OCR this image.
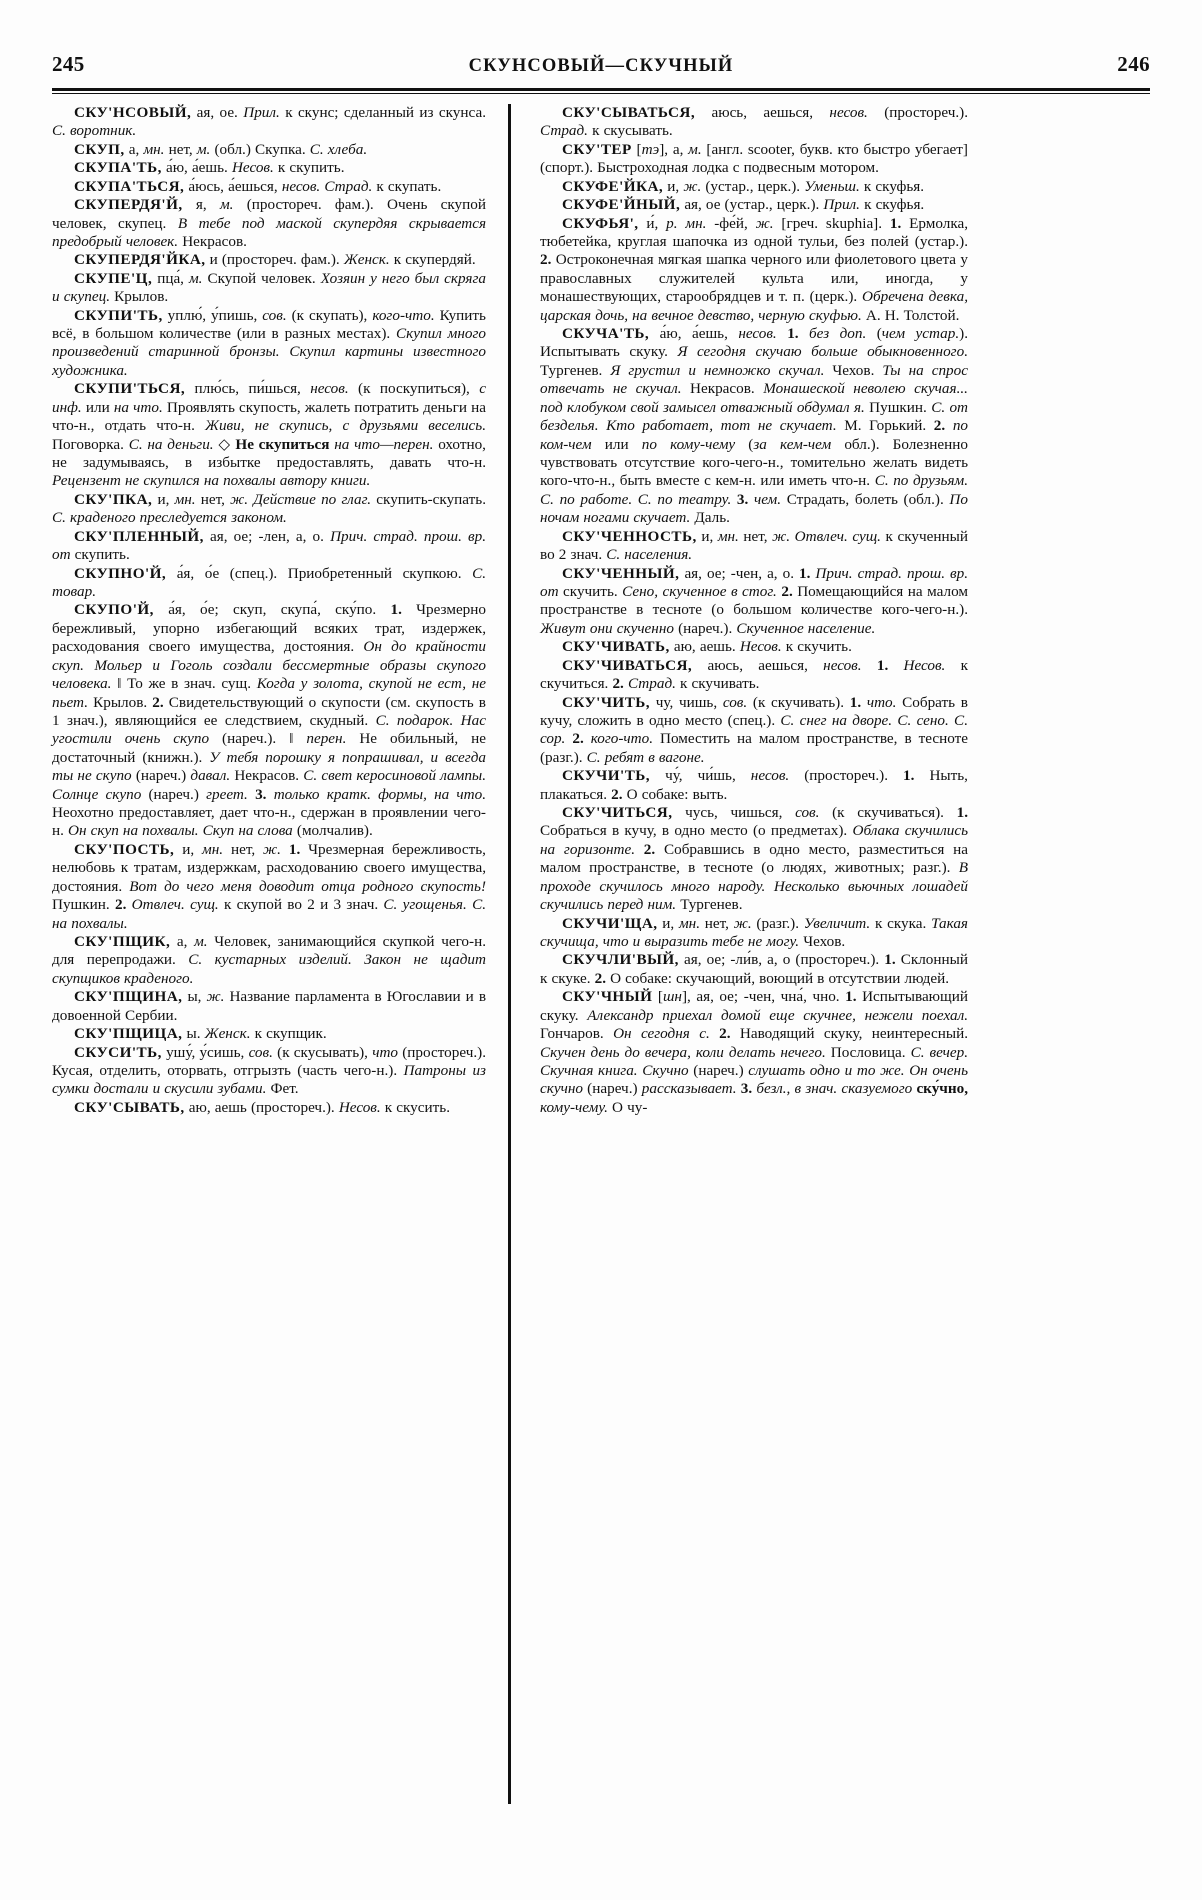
245	СКУНСОВЫЙ—СКУЧНЫЙ	246

СКУ'НСОВЫЙ, ая, ое. Прил. к скунс; сделанный из скунса. С. воротник.

СКУП, а, мн. нет, м. (обл.) Скупка. С. хлеба.

СКУПА'ТЬ, а́ю, а́ешь. Несов. к скупить.

СКУПА'ТЬСЯ, а́юсь, а́ешься, несов. Страд. к скупать.

СКУПЕРДЯ'Й, я, м. (простореч. фам.). Очень скупой человек, скупец. В тебе под маской скупердяя скрывается предобрый человек. Некрасов.

СКУПЕРДЯ'ЙКА, и (простореч. фам.). Женск. к скупердяй.

СКУПЕ'Ц, пца́, м. Скупой человек. Хозяин у него был скряга и скупец. Крылов.

СКУПИ'ТЬ, уплю́, у́пишь, сов. (к скупать), кого-что. Купить всё, в большом количестве (или в разных местах). Скупил много произведений старинной бронзы. Скупил картины известного художника.

СКУПИ'ТЬСЯ, плю́сь, пи́шься, несов. (к поскупиться), с инф. или на что. Проявлять скупость, жалеть потратить деньги на что-н., отдать что-н. Живи, не скупись, с друзьями веселись. Поговорка. С. на деньги. ◇ Не скупиться на что—перен. охотно, не задумываясь, в избытке предоставлять, давать что-н. Рецензент не скупился на похвалы автору книги.

СКУ'ПКА, и, мн. нет, ж. Действие по глаг. скупить-скупать. С. краденого преследуется законом.

СКУ'ПЛЕННЫЙ, ая, ое; -лен, а, о. Прич. страд. прош. вр. от скупить.

СКУПНО'Й, а́я, о́е (спец.). Приобретенный скупкою. С. товар.

СКУПО'Й, а́я, о́е; скуп, скупа́, ску́по. 1. Чрезмерно бережливый, упорно избегающий всяких трат, издержек, расходования своего имущества, достояния. Он до крайности скуп. Мольер и Гоголь создали бессмертные образы скупого человека. ‖ То же в знач. сущ. Когда у золота, скупой не ест, не пьет. Крылов. 2. Свидетельствующий о скупости (см. скупость в 1 знач.), являющийся ее следствием, скудный. С. подарок. Нас угостили очень скупо (нареч.). ‖ перен. Не обильный, не достаточный (книжн.). У тебя порошку я попрашивал, и всегда ты не скупо (нареч.) давал. Некрасов. С. свет керосиновой лампы. Солнце скупо (нареч.) греет. 3. только кратк. формы, на что. Неохотно предоставляет, дает что-н., сдержан в проявлении чего-н. Он скуп на похвалы. Скуп на слова (молчалив).

СКУ'ПОСТЬ, и, мн. нет, ж. 1. Чрезмерная бережливость, нелюбовь к тратам, издержкам, расходованию своего имущества, достояния. Вот до чего меня доводит отца родного скупость! Пушкин. 2. Отвлеч. сущ. к скупой во 2 и 3 знач. С. угощенья. С. на похвалы.

СКУ'ПЩИК, а, м. Человек, занимающийся скупкой чего-н. для перепродажи. С. кустарных изделий. Закон не щадит скупщиков краденого.

СКУ'ПЩИНА, ы, ж. Название парламента в Югославии и в довоенной Сербии.

СКУ'ПЩИЦА, ы. Женск. к скупщик.

СКУСИ'ТЬ, ушу́, у́сишь, сов. (к скусывать), что (простореч.). Кусая, отделить, оторвать, отгрызть (часть чего-н.). Патроны из сумки достали и скусили зубами. Фет.

СКУ'СЫВАТЬ, аю, аешь (простореч.). Несов. к скусить.

СКУ'СЫВАТЬСЯ, аюсь, аешься, несов. (простореч.). Страд. к скусывать.

СКУ'ТЕР [тэ], а, м. [англ. scooter, букв. кто быстро убегает] (спорт.). Быстроходная лодка с подвесным мотором.

СКУФЕ'ЙКА, и, ж. (устар., церк.). Уменьш. к скуфья.

СКУФЕ'ЙНЫЙ, ая, ое (устар., церк.). Прил. к скуфья.

СКУФЬЯ', и́, р. мн. -фе́й, ж. [греч. skuphia]. 1. Ермолка, тюбетейка, круглая шапочка из одной тульи, без полей (устар.). 2. Остроконечная мягкая шапка черного или фиолетового цвета у православных служителей культа или, иногда, у монашествующих, старообрядцев и т. п. (церк.). Обречена девка, царская дочь, на вечное девство, черную скуфью. А. Н. Толстой.

СКУЧА'ТЬ, а́ю, а́ешь, несов. 1. без доп. (чем устар.). Испытывать скуку. Я сегодня скучаю больше обыкновенного. Тургенев. Я грустил и немножко скучал. Чехов. Ты на спрос отвечать не скучал. Некрасов. Монашеской неволею скучая... под клобуком свой замысел отважный обдумал я. Пушкин. С. от безделья. Кто работает, тот не скучает. М. Горький. 2. по ком-чем или по кому-чему (за кем-чем обл.). Болезненно чувствовать отсутствие кого-чего-н., томительно желать видеть кого-что-н., быть вместе с кем-н. или иметь что-н. С. по друзьям. С. по работе. С. по театру. 3. чем. Страдать, болеть (обл.). По ночам ногами скучает. Даль.

СКУ'ЧЕННОСТЬ, и, мн. нет, ж. Отвлеч. сущ. к скученный во 2 знач. С. населения.

СКУ'ЧЕННЫЙ, ая, ое; -чен, а, о. 1. Прич. страд. прош. вр. от скучить. Сено, скученное в стог. 2. Помещающийся на малом пространстве в тесноте (о большом количестве кого-чего-н.). Живут они скученно (нареч.). Скученное население.

СКУ'ЧИВАТЬ, аю, аешь. Несов. к скучить.

СКУ'ЧИВАТЬСЯ, аюсь, аешься, несов. 1. Несов. к скучиться. 2. Страд. к скучивать.

СКУ'ЧИТЬ, чу, чишь, сов. (к скучивать). 1. что. Собрать в кучу, сложить в одно место (спец.). С. снег на дворе. С. сено. С. сор. 2. кого-что. Поместить на малом пространстве, в тесноте (разг.). С. ребят в вагоне.

СКУЧИ'ТЬ, чу́, чи́шь, несов. (простореч.). 1. Ныть, плакаться. 2. О собаке: выть.

СКУ'ЧИТЬСЯ, чусь, чишься, сов. (к скучиваться). 1. Собраться в кучу, в одно место (о предметах). Облака скучились на горизонте. 2. Собравшись в одно место, разместиться на малом пространстве, в тесноте (о людях, животных; разг.). В проходе скучилось много народу. Несколько вьючных лошадей скучились перед ним. Тургенев.

СКУЧИ'ЩА, и, мн. нет, ж. (разг.). Увеличит. к скука. Такая скучища, что и выразить тебе не могу. Чехов.

СКУЧЛИ'ВЫЙ, ая, ое; -ли́в, а, о (простореч.). 1. Склонный к скуке. 2. О собаке: скучающий, воющий в отсутствии людей.

СКУ'ЧНЫЙ [шн], ая, ое; -чен, чна́, чно. 1. Испытывающий скуку. Александр приехал домой еще скучнее, нежели поехал. Гончаров. Он сегодня с. 2. Наводящий скуку, неинтересный. Скучен день до вечера, коли делать нечего. Пословица. С. вечер. Скучная книга. Скучно (нареч.) слушать одно и то же. Он очень скучно (нареч.) рассказывает. 3. безл., в знач. сказуемого ску́чно, кому-чему. О чу-
